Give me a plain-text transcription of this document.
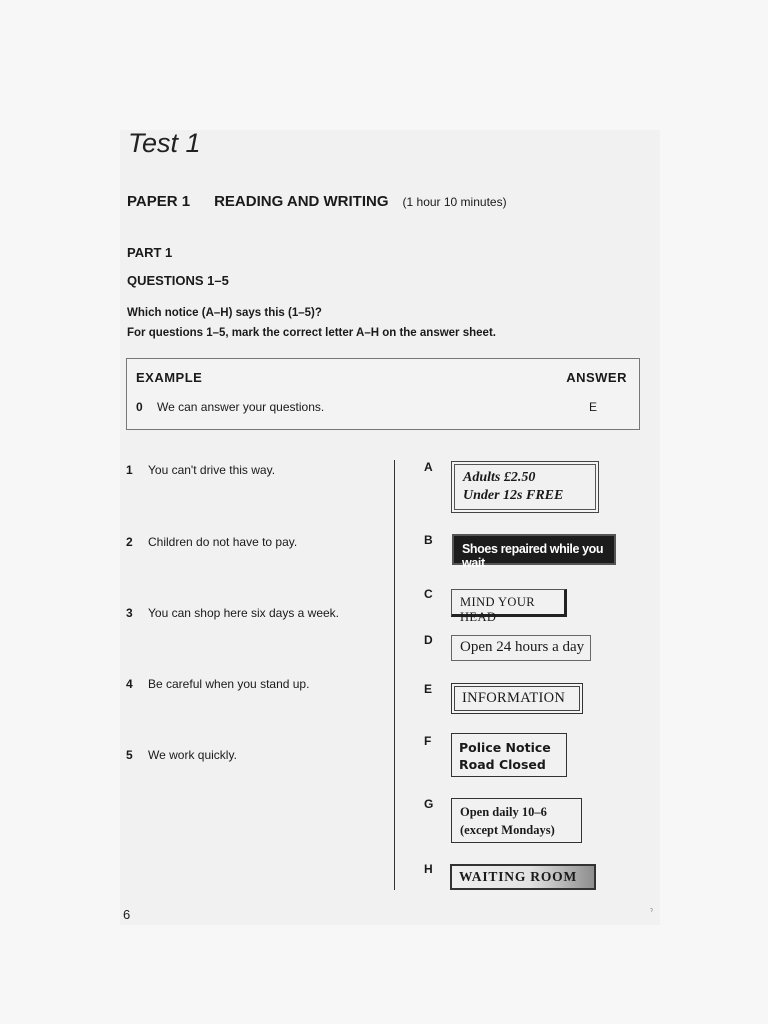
Test 1
PAPER 1 READING AND WRITING (1 hour 10 minutes)
PART 1
QUESTIONS 1–5
Which notice (A–H) says this (1–5)?
For questions 1–5, mark the correct letter A–H on the answer sheet.
EXAMPLE	ANSWER
0 We can answer your questions.	E
1 You can't drive this way.
2 Children do not have to pay.
3 You can shop here six days a week.
4 Be careful when you stand up.
5 We work quickly.
A
B
C
D
E
F
G
H
Adults £2.50
Under 12s FREE
Shoes repaired while you wait
MIND YOUR HEAD
Open 24 hours a day
INFORMATION
Police Notice
Road Closed
Open daily 10–6
(except Mondays)
WAITING ROOM
6	ˀ
